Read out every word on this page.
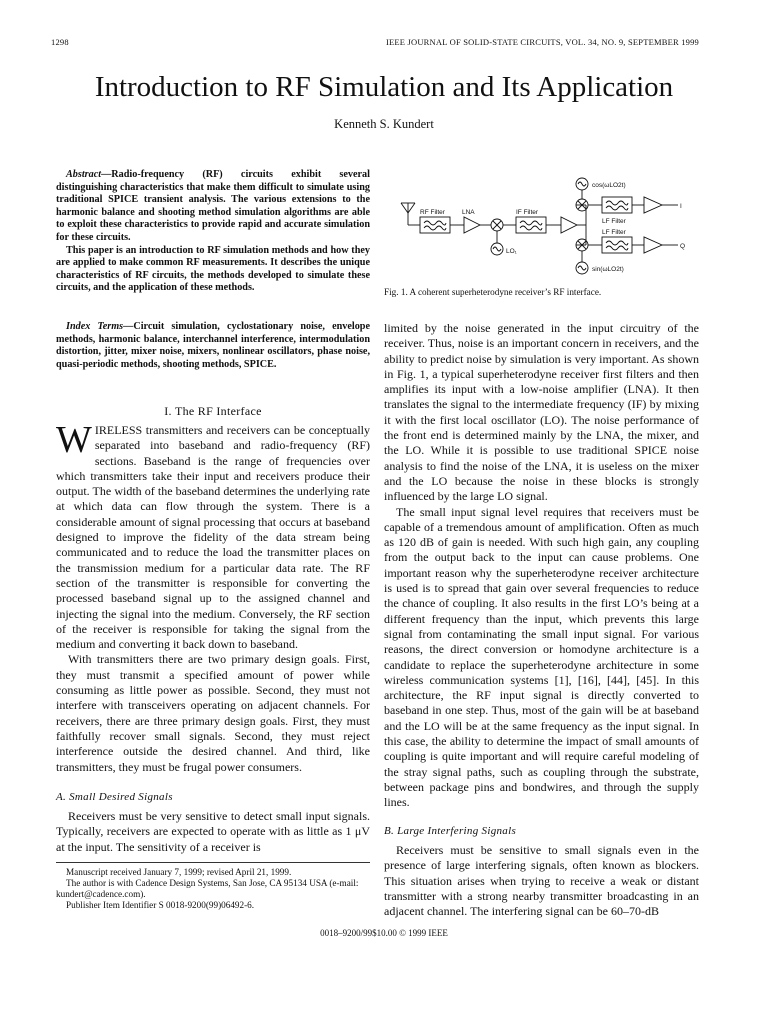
1298	IEEE JOURNAL OF SOLID-STATE CIRCUITS, VOL. 34, NO. 9, SEPTEMBER 1999
Introduction to RF Simulation and Its Application
Kenneth S. Kundert

Abstract—Radio-frequency (RF) circuits exhibit several distinguishing characteristics that make them difficult to simulate using traditional SPICE transient analysis. The various extensions to the harmonic balance and shooting method simulation algorithms are able to exploit these characteristics to provide rapid and accurate simulation for these circuits.

This paper is an introduction to RF simulation methods and how they are applied to make common RF measurements. It describes the unique characteristics of RF circuits, the methods developed to simulate these circuits, and the application of these methods.

Index Terms—Circuit simulation, cyclostationary noise, envelope methods, harmonic balance, interchannel interference, intermodulation distortion, jitter, mixer noise, mixers, nonlinear oscillators, phase noise, quasi-periodic methods, shooting methods, SPICE.

I. The RF Interface

WIRELESS transmitters and receivers can be conceptually separated into baseband and radio-frequency (RF) sections. Baseband is the range of frequencies over which transmitters take their input and receivers produce their output. The width of the baseband determines the underlying rate at which data can flow through the system. There is a considerable amount of signal processing that occurs at baseband designed to improve the fidelity of the data stream being communicated and to reduce the load the transmitter places on the transmission medium for a particular data rate. The RF section of the transmitter is responsible for converting the processed baseband signal up to the assigned channel and injecting the signal into the medium. Conversely, the RF section of the receiver is responsible for taking the signal from the medium and converting it back down to baseband.

With transmitters there are two primary design goals. First, they must transmit a specified amount of power while consuming as little power as possible. Second, they must not interfere with transceivers operating on adjacent channels. For receivers, there are three primary design goals. First, they must faithfully recover small signals. Second, they must reject interference outside the desired channel. And third, like transmitters, they must be frugal power consumers.

A. Small Desired Signals

Receivers must be very sensitive to detect small input signals. Typically, receivers are expected to operate with as little as 1 μV at the input. The sensitivity of a receiver is

Manuscript received January 7, 1999; revised April 21, 1999.

The author is with Cadence Design Systems, San Jose, CA 95134 USA (e-mail: kundert@cadence.com).

Publisher Item Identifier S 0018-9200(99)06492-6.

RF Filter	LNA	IF Filter
LO₁
LF Filter
LF Filter
cos(ωLO2t)
sin(ωLO2t)
I
Q
Fig. 1. A coherent superheterodyne receiver’s RF interface.

limited by the noise generated in the input circuitry of the receiver. Thus, noise is an important concern in receivers, and the ability to predict noise by simulation is very important. As shown in Fig. 1, a typical superheterodyne receiver first filters and then amplifies its input with a low-noise amplifier (LNA). It then translates the signal to the intermediate frequency (IF) by mixing it with the first local oscillator (LO). The noise performance of the front end is determined mainly by the LNA, the mixer, and the LO. While it is possible to use traditional SPICE noise analysis to find the noise of the LNA, it is useless on the mixer and the LO because the noise in these blocks is strongly influenced by the large LO signal.

The small input signal level requires that receivers must be capable of a tremendous amount of amplification. Often as much as 120 dB of gain is needed. With such high gain, any coupling from the output back to the input can cause problems. One important reason why the superheterodyne receiver architecture is used is to spread that gain over several frequencies to reduce the chance of coupling. It also results in the first LO’s being at a different frequency than the input, which prevents this large signal from contaminating the small input signal. For various reasons, the direct conversion or homodyne architecture is a candidate to replace the superheterodyne architecture in some wireless communication systems [1], [16], [44], [45]. In this architecture, the RF input signal is directly converted to baseband in one step. Thus, most of the gain will be at baseband and the LO will be at the same frequency as the input signal. In this case, the ability to determine the impact of small amounts of coupling is quite important and will require careful modeling of the stray signal paths, such as coupling through the substrate, between package pins and bondwires, and through the supply lines.

B. Large Interfering Signals

Receivers must be sensitive to small signals even in the presence of large interfering signals, often known as blockers. This situation arises when trying to receive a weak or distant transmitter with a strong nearby transmitter broadcasting in an adjacent channel. The interfering signal can be 60–70-dB

0018–9200/99$10.00 © 1999 IEEE
